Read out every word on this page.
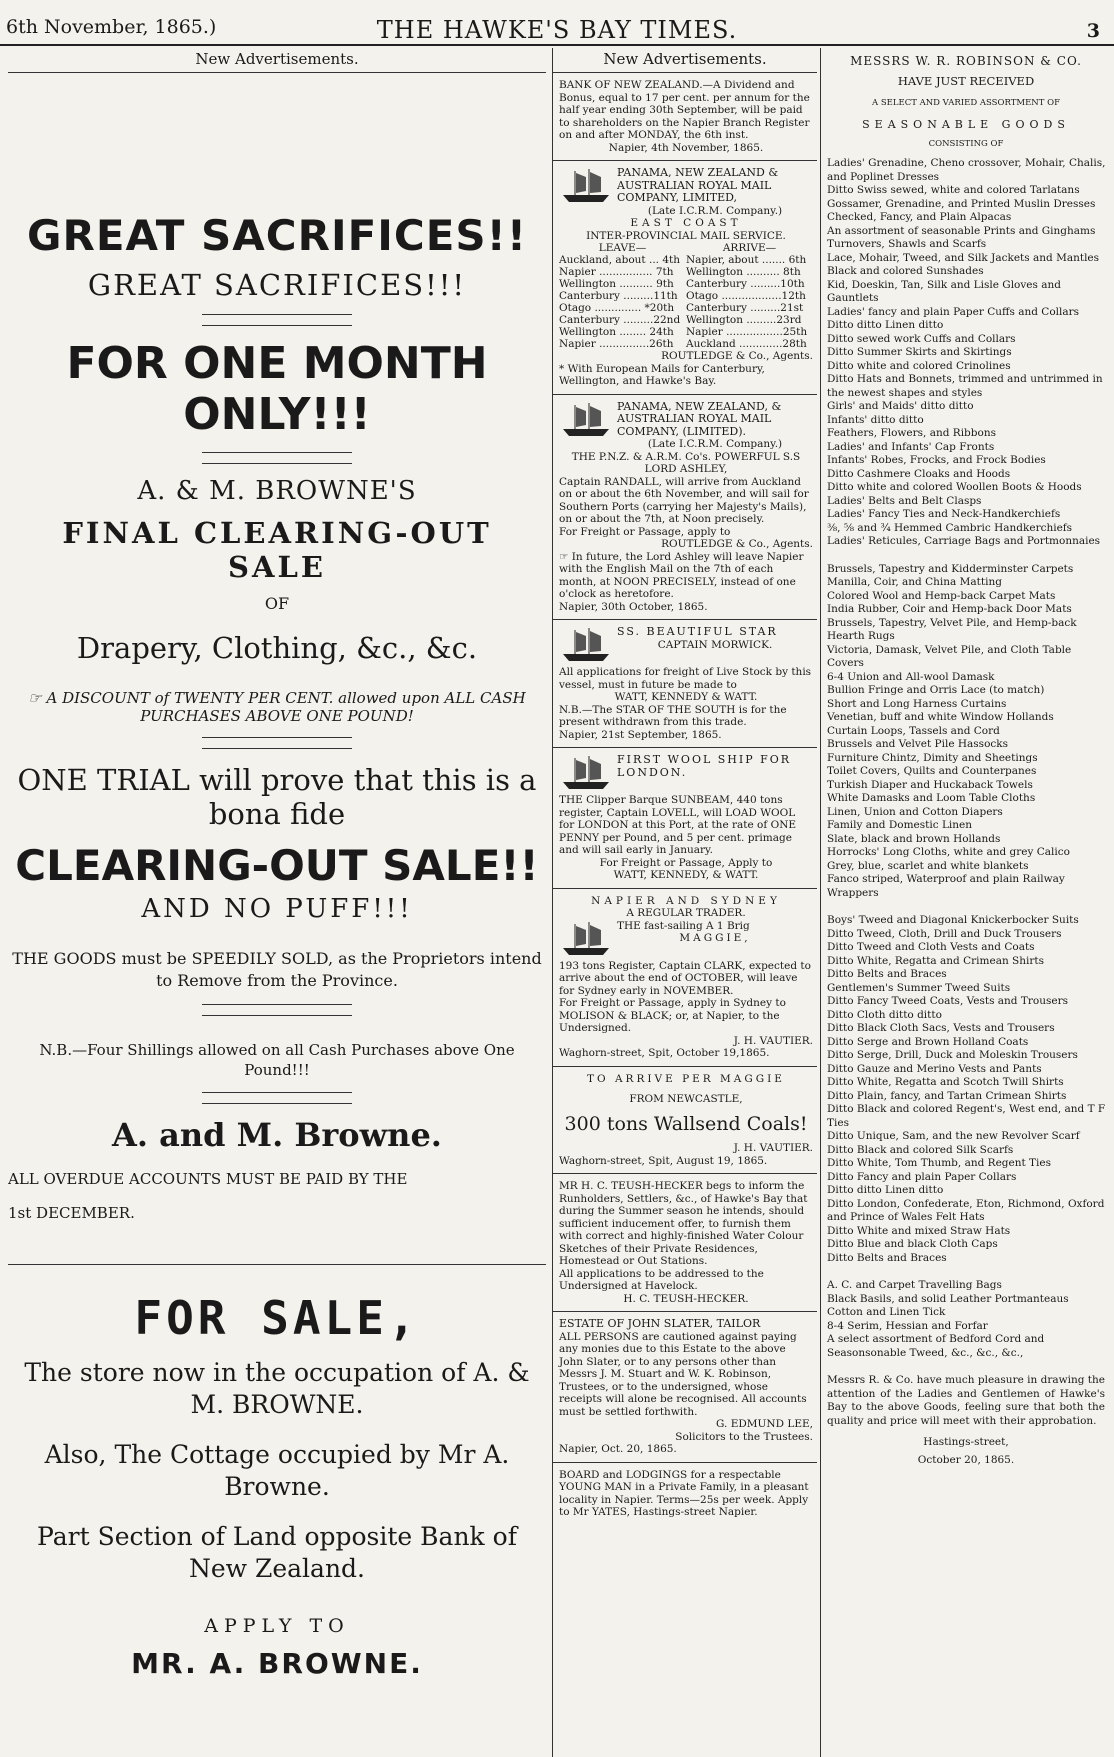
6th November, 1865.)	THE HAWKE'S BAY TIMES.	3
New Advertisements.
GREAT SACRIFICES!!
GREAT SACRIFICES!!!
FOR ONE MONTH ONLY!!!
A. & M. BROWNE'S
FINAL CLEARING-OUT SALE
OF
Drapery, Clothing, &c., &c.
☞ A DISCOUNT of TWENTY PER CENT. allowed upon ALL CASH PURCHASES ABOVE ONE POUND!
ONE TRIAL will prove that this is a bona fide
CLEARING-OUT SALE!!
AND NO PUFF!!!
THE GOODS must be SPEEDILY SOLD, as the Proprietors intend to Remove from the Province.
N.B.—Four Shillings allowed on all Cash Purchases above One Pound!!!
A. and M. Browne.
ALL OVERDUE ACCOUNTS MUST BE PAID BY THE
1st DECEMBER.
FOR SALE,
The store now in the occupation of A. & M. BROWNE.
Also, The Cottage occupied by Mr A. Browne.
Part Section of Land opposite Bank of New Zealand.
APPLY TO
MR. A. BROWNE.
New Advertisements.
BANK OF NEW ZEALAND.—A Dividend and Bonus, equal to 17 per cent. per annum for the half year ending 30th September, will be paid to shareholders on the Napier Branch Register on and after MONDAY, the 6th inst.
Napier, 4th November, 1865.
PANAMA, NEW ZEALAND & AUSTRALIAN ROYAL MAIL COMPANY, LIMITED,
(Late I.C.R.M. Company.)
EAST COAST
INTER-PROVINCIAL MAIL SERVICE.
LEAVE—	ARRIVE—
Auckland, about ... 4th	Napier, about ....... 6th
Napier ................ 7th	Wellington .......... 8th
Wellington .......... 9th	Canterbury .........10th
Canterbury .........11th	Otago ..................12th
Otago .............. *20th	Canterbury .........21st
Canterbury .........22nd	Wellington .........23rd
Wellington ........ 24th	Napier .................25th
Napier ...............26th	Auckland .............28th
ROUTLEDGE & Co., Agents.
* With European Mails for Canterbury, Wellington, and Hawke's Bay.
PANAMA, NEW ZEALAND, & AUSTRALIAN ROYAL MAIL COMPANY, (LIMITED).
(Late I.C.R.M. Company.)
THE P.N.Z. & A.R.M. Co's. POWERFUL S.S
LORD ASHLEY,
Captain RANDALL, will arrive from Auckland on or about the 6th November, and will sail for Southern Ports (carrying her Majesty's Mails), on or about the 7th, at Noon precisely.
For Freight or Passage, apply to
ROUTLEDGE & Co., Agents.
☞ In future, the Lord Ashley will leave Napier with the English Mail on the 7th of each month, at NOON PRECISELY, instead of one o'clock as heretofore.
Napier, 30th October, 1865.
SS. BEAUTIFUL STAR
CAPTAIN MORWICK.
All applications for freight of Live Stock by this vessel, must in future be made to
WATT, KENNEDY & WATT.
N.B.—The STAR OF THE SOUTH is for the present withdrawn from this trade.
Napier, 21st September, 1865.
FIRST WOOL SHIP FOR LONDON.
THE Clipper Barque SUNBEAM, 440 tons register, Captain LOVELL, will LOAD WOOL for LONDON at this Port, at the rate of ONE PENNY per Pound, and 5 per cent. primage and will sail early in January.
For Freight or Passage, Apply to
WATT, KENNEDY, & WATT.
NAPIER AND SYDNEY
A REGULAR TRADER.
THE fast-sailing A 1 Brig
MAGGIE,
193 tons Register, Captain CLARK, expected to arrive about the end of OCTOBER, will leave for Sydney early in NOVEMBER.
For Freight or Passage, apply in Sydney to MOLISON & BLACK; or, at Napier, to the Undersigned.
J. H. VAUTIER.
Waghorn-street, Spit, October 19,1865.
TO ARRIVE PER MAGGIE
FROM NEWCASTLE,
300 tons Wallsend Coals!
J. H. VAUTIER.
Waghorn-street, Spit, August 19, 1865.
MR H. C. TEUSH-HECKER begs to inform the Runholders, Settlers, &c., of Hawke's Bay that during the Summer season he intends, should sufficient inducement offer, to furnish them with correct and highly-finished Water Colour Sketches of their Private Residences, Homestead or Out Stations.
All applications to be addressed to the Undersigned at Havelock.
H. C. TEUSH-HECKER.
ESTATE OF JOHN SLATER, TAILOR
ALL PERSONS are cautioned against paying any monies due to this Estate to the above John Slater, or to any persons other than Messrs J. M. Stuart and W. K. Robinson, Trustees, or to the undersigned, whose receipts will alone be recognised. All accounts must be settled forthwith.
G. EDMUND LEE,
Solicitors to the Trustees.
Napier, Oct. 20, 1865.
BOARD and LODGINGS for a respectable YOUNG MAN in a Private Family, in a pleasant locality in Napier. Terms—25s per week. Apply to Mr YATES, Hastings-street Napier.
MESSRS W. R. ROBINSON & CO.
HAVE JUST RECEIVED
A SELECT AND VARIED ASSORTMENT OF
SEASONABLE GOODS
CONSISTING OF
Ladies' Grenadine, Cheno crossover, Mohair, Chalis, and Poplinet Dresses
Ditto Swiss sewed, white and colored Tarlatans
Gossamer, Grenadine, and Printed Muslin Dresses
Checked, Fancy, and Plain Alpacas
An assortment of seasonable Prints and Ginghams
Turnovers, Shawls and Scarfs
Lace, Mohair, Tweed, and Silk Jackets and Mantles
Black and colored Sunshades
Kid, Doeskin, Tan, Silk and Lisle Gloves and Gauntlets
Ladies' fancy and plain Paper Cuffs and Collars
Ditto ditto Linen ditto
Ditto sewed work Cuffs and Collars
Ditto Summer Skirts and Skirtings
Ditto white and colored Crinolines
Ditto Hats and Bonnets, trimmed and untrimmed in the newest shapes and styles
Girls' and Maids' ditto ditto
Infants' ditto ditto
Feathers, Flowers, and Ribbons
Ladies' and Infants' Cap Fronts
Infants' Robes, Frocks, and Frock Bodies
Ditto Cashmere Cloaks and Hoods
Ditto white and colored Woollen Boots & Hoods
Ladies' Belts and Belt Clasps
Ladies' Fancy Ties and Neck-Handkerchiefs
⅜, ⅝ and ¾ Hemmed Cambric Handkerchiefs
Ladies' Reticules, Carriage Bags and Portmonnaies
Brussels, Tapestry and Kidderminster Carpets
Manilla, Coir, and China Matting
Colored Wool and Hemp-back Carpet Mats
India Rubber, Coir and Hemp-back Door Mats
Brussels, Tapestry, Velvet Pile, and Hemp-back Hearth Rugs
Victoria, Damask, Velvet Pile, and Cloth Table Covers
6-4 Union and All-wool Damask
Bullion Fringe and Orris Lace (to match)
Short and Long Harness Curtains
Venetian, buff and white Window Hollands
Curtain Loops, Tassels and Cord
Brussels and Velvet Pile Hassocks
Furniture Chintz, Dimity and Sheetings
Toilet Covers, Quilts and Counterpanes
Turkish Diaper and Huckaback Towels
White Damasks and Loom Table Cloths
Linen, Union and Cotton Diapers
Family and Domestic Linen
Slate, black and brown Hollands
Horrocks' Long Cloths, white and grey Calico
Grey, blue, scarlet and white blankets
Fanco striped, Waterproof and plain Railway Wrappers
Boys' Tweed and Diagonal Knickerbocker Suits
Ditto Tweed, Cloth, Drill and Duck Trousers
Ditto Tweed and Cloth Vests and Coats
Ditto White, Regatta and Crimean Shirts
Ditto Belts and Braces
Gentlemen's Summer Tweed Suits
Ditto Fancy Tweed Coats, Vests and Trousers
Ditto Cloth ditto ditto
Ditto Black Cloth Sacs, Vests and Trousers
Ditto Serge and Brown Holland Coats
Ditto Serge, Drill, Duck and Moleskin Trousers
Ditto Gauze and Merino Vests and Pants
Ditto White, Regatta and Scotch Twill Shirts
Ditto Plain, fancy, and Tartan Crimean Shirts
Ditto Black and colored Regent's, West end, and T F Ties
Ditto Unique, Sam, and the new Revolver Scarf
Ditto Black and colored Silk Scarfs
Ditto White, Tom Thumb, and Regent Ties
Ditto Fancy and plain Paper Collars
Ditto ditto Linen ditto
Ditto London, Confederate, Eton, Richmond, Oxford and Prince of Wales Felt Hats
Ditto White and mixed Straw Hats
Ditto Blue and black Cloth Caps
Ditto Belts and Braces
A. C. and Carpet Travelling Bags
Black Basils, and solid Leather Portmanteaus
Cotton and Linen Tick
8-4 Serim, Hessian and Forfar
A select assortment of Bedford Cord and Seasonsonable Tweed, &c., &c., &c.,
Messrs R. & Co. have much pleasure in drawing the attention of the Ladies and Gentlemen of Hawke's Bay to the above Goods, feeling sure that both the quality and price will meet with their approbation.
Hastings-street,
October 20, 1865.
